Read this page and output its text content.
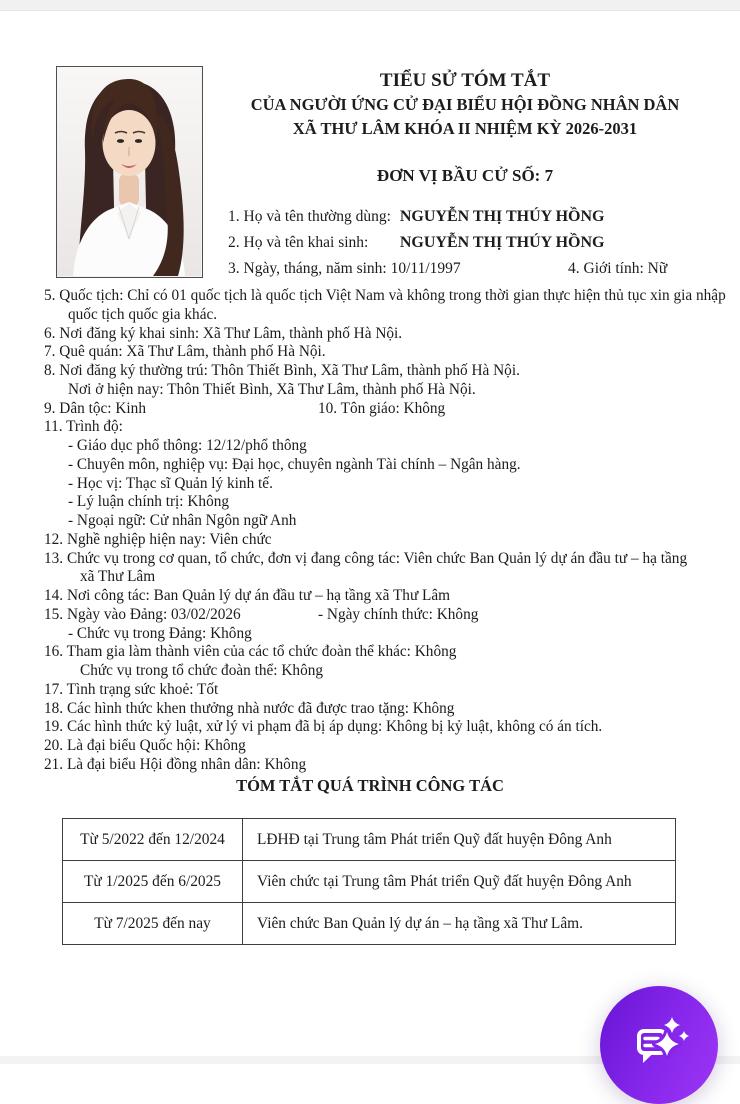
TIỂU SỬ TÓM TẮT
CỦA NGƯỜI ỨNG CỬ ĐẠI BIỂU HỘI ĐỒNG NHÂN DÂN
XÃ THƯ LÂM KHÓA II NHIỆM KỲ 2026-2031
ĐƠN VỊ BẦU CỬ SỐ: 7
1. Họ và tên thường dùng: NGUYỄN THỊ THÚY HỒNG
2. Họ và tên khai sinh: NGUYỄN THỊ THÚY HỒNG
3. Ngày, tháng, năm sinh: 10/11/1997	4. Giới tính: Nữ
5. Quốc tịch: Chỉ có 01 quốc tịch là quốc tịch Việt Nam và không trong thời gian thực hiện thủ tục xin gia nhập
quốc tịch quốc gia khác.
6. Nơi đăng ký khai sinh: Xã Thư Lâm, thành phố Hà Nội.
7. Quê quán: Xã Thư Lâm, thành phố Hà Nội.
8. Nơi đăng ký thường trú: Thôn Thiết Bình, Xã Thư Lâm, thành phố Hà Nội.
Nơi ở hiện nay: Thôn Thiết Bình, Xã Thư Lâm, thành phố Hà Nội.
9. Dân tộc: Kinh	10. Tôn giáo: Không
11. Trình độ:
- Giáo dục phổ thông: 12/12/phổ thông
- Chuyên môn, nghiệp vụ: Đại học, chuyên ngành Tài chính – Ngân hàng.
- Học vị: Thạc sĩ Quản lý kinh tế.
- Lý luận chính trị: Không
- Ngoại ngữ: Cử nhân Ngôn ngữ Anh
12. Nghề nghiệp hiện nay: Viên chức
13. Chức vụ trong cơ quan, tổ chức, đơn vị đang công tác: Viên chức Ban Quản lý dự án đầu tư – hạ tầng
xã Thư Lâm
14. Nơi công tác: Ban Quản lý dự án đầu tư – hạ tầng xã Thư Lâm
15. Ngày vào Đảng: 03/02/2026	- Ngày chính thức: Không
- Chức vụ trong Đảng: Không
16. Tham gia làm thành viên của các tổ chức đoàn thể khác: Không
Chức vụ trong tổ chức đoàn thể: Không
17. Tình trạng sức khoẻ: Tốt
18. Các hình thức khen thưởng nhà nước đã được trao tặng: Không
19. Các hình thức kỷ luật, xử lý vi phạm đã bị áp dụng: Không bị kỷ luật, không có án tích.
20. Là đại biểu Quốc hội: Không
21. Là đại biểu Hội đồng nhân dân: Không
TÓM TẮT QUÁ TRÌNH CÔNG TÁC
Từ 5/2022 đến 12/2024	LĐHĐ tại Trung tâm Phát triển Quỹ đất huyện Đông Anh
Từ 1/2025 đến 6/2025	Viên chức tại Trung tâm Phát triển Quỹ đất huyện Đông Anh
Từ 7/2025 đến nay	Viên chức Ban Quản lý dự án – hạ tầng xã Thư Lâm.
